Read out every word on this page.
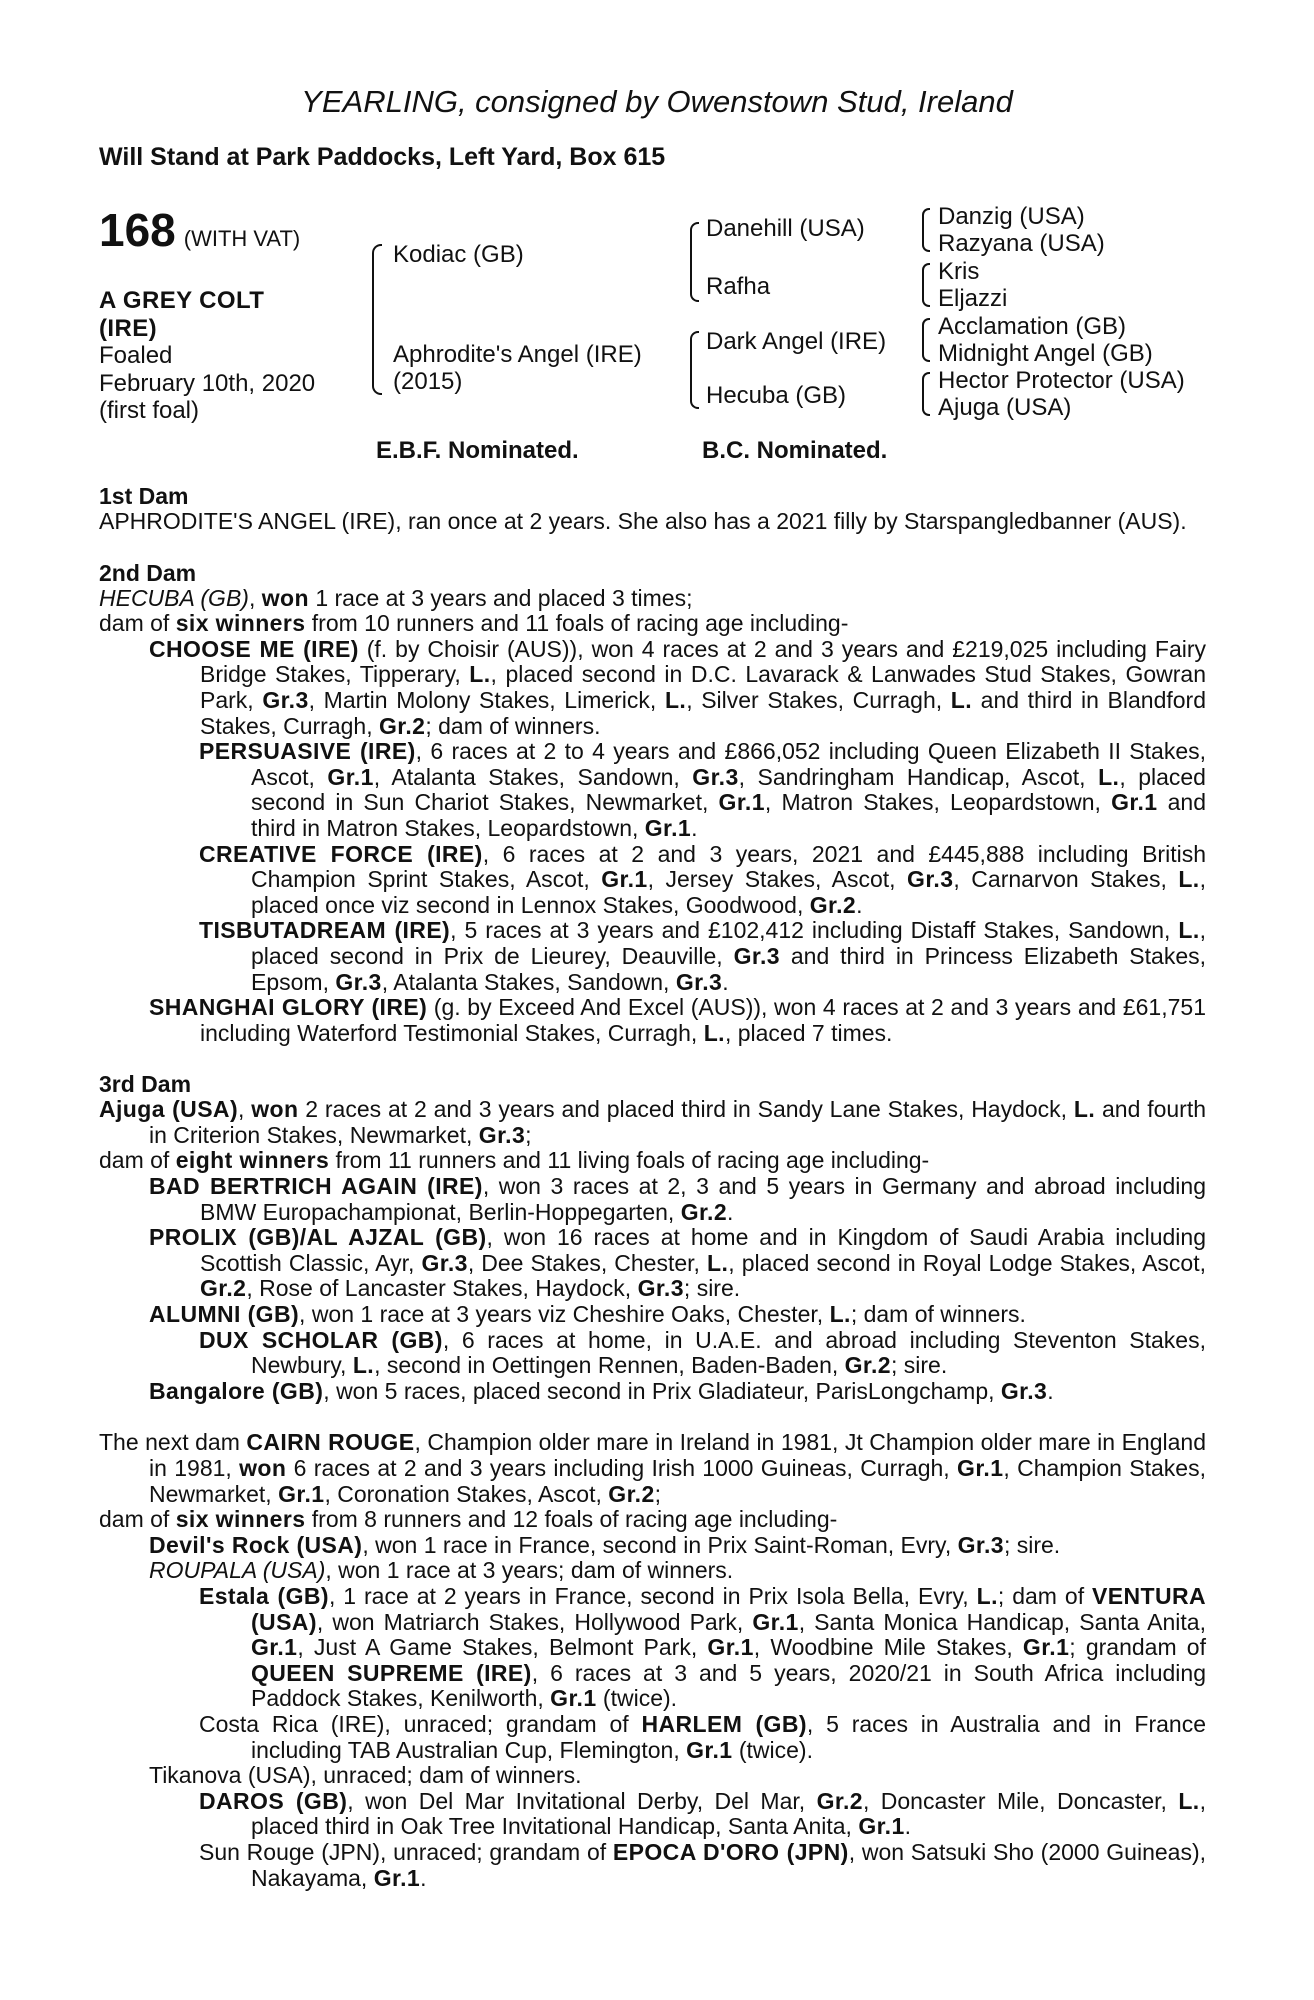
YEARLING, consigned by Owenstown Stud, Ireland
Will Stand at Park Paddocks, Left Yard, Box 615
168 (WITH VAT)
A GREY COLT
(IRE)
Foaled
February 10th, 2020
(first foal)
Kodiac (GB)
Aphrodite's Angel (IRE)
(2015)
Danehill (USA)
Rafha
Dark Angel (IRE)
Hecuba (GB)
Danzig (USA)
Razyana (USA)
Kris
Eljazzi
Acclamation (GB)
Midnight Angel (GB)
Hector Protector (USA)
Ajuga (USA)
E.B.F. Nominated.	B.C. Nominated.
1st Dam

APHRODITE'S ANGEL (IRE), ran once at 2 years. She also has a 2021 filly by Starspangledbanner (AUS).

2nd Dam

HECUBA (GB), won 1 race at 3 years and placed 3 times;

dam of six winners from 10 runners and 11 foals of racing age including-

CHOOSE ME (IRE) (f. by Choisir (AUS)), won 4 races at 2 and 3 years and £219,025 including Fairy Bridge Stakes, Tipperary, L., placed second in D.C. Lavarack & Lanwades Stud Stakes, Gowran Park, Gr.3, Martin Molony Stakes, Limerick, L., Silver Stakes, Curragh, L. and third in Blandford Stakes, Curragh, Gr.2; dam of winners.

PERSUASIVE (IRE), 6 races at 2 to 4 years and £866,052 including Queen Elizabeth II Stakes, Ascot, Gr.1, Atalanta Stakes, Sandown, Gr.3, Sandringham Handicap, Ascot, L., placed second in Sun Chariot Stakes, Newmarket, Gr.1, Matron Stakes, Leopardstown, Gr.1 and third in Matron Stakes, Leopardstown, Gr.1.

CREATIVE FORCE (IRE), 6 races at 2 and 3 years, 2021 and £445,888 including British Champion Sprint Stakes, Ascot, Gr.1, Jersey Stakes, Ascot, Gr.3, Carnarvon Stakes, L., placed once viz second in Lennox Stakes, Goodwood, Gr.2.

TISBUTADREAM (IRE), 5 races at 3 years and £102,412 including Distaff Stakes, Sandown, L., placed second in Prix de Lieurey, Deauville, Gr.3 and third in Princess Elizabeth Stakes, Epsom, Gr.3, Atalanta Stakes, Sandown, Gr.3.

SHANGHAI GLORY (IRE) (g. by Exceed And Excel (AUS)), won 4 races at 2 and 3 years and £61,751 including Waterford Testimonial Stakes, Curragh, L., placed 7 times.

3rd Dam

Ajuga (USA), won 2 races at 2 and 3 years and placed third in Sandy Lane Stakes, Haydock, L. and fourth in Criterion Stakes, Newmarket, Gr.3;

dam of eight winners from 11 runners and 11 living foals of racing age including-

BAD BERTRICH AGAIN (IRE), won 3 races at 2, 3 and 5 years in Germany and abroad including BMW Europachampionat, Berlin-Hoppegarten, Gr.2.

PROLIX (GB)/AL AJZAL (GB), won 16 races at home and in Kingdom of Saudi Arabia including Scottish Classic, Ayr, Gr.3, Dee Stakes, Chester, L., placed second in Royal Lodge Stakes, Ascot, Gr.2, Rose of Lancaster Stakes, Haydock, Gr.3; sire.

ALUMNI (GB), won 1 race at 3 years viz Cheshire Oaks, Chester, L.; dam of winners.

DUX SCHOLAR (GB), 6 races at home, in U.A.E. and abroad including Steventon Stakes, Newbury, L., second in Oettingen Rennen, Baden-Baden, Gr.2; sire.

Bangalore (GB), won 5 races, placed second in Prix Gladiateur, ParisLongchamp, Gr.3.

The next dam CAIRN ROUGE, Champion older mare in Ireland in 1981, Jt Champion older mare in England in 1981, won 6 races at 2 and 3 years including Irish 1000 Guineas, Curragh, Gr.1, Champion Stakes, Newmarket, Gr.1, Coronation Stakes, Ascot, Gr.2;

dam of six winners from 8 runners and 12 foals of racing age including-

Devil's Rock (USA), won 1 race in France, second in Prix Saint-Roman, Evry, Gr.3; sire.

ROUPALA (USA), won 1 race at 3 years; dam of winners.

Estala (GB), 1 race at 2 years in France, second in Prix Isola Bella, Evry, L.; dam of VENTURA (USA), won Matriarch Stakes, Hollywood Park, Gr.1, Santa Monica Handicap, Santa Anita, Gr.1, Just A Game Stakes, Belmont Park, Gr.1, Woodbine Mile Stakes, Gr.1; grandam of QUEEN SUPREME (IRE), 6 races at 3 and 5 years, 2020/21 in South Africa including Paddock Stakes, Kenilworth, Gr.1 (twice).

Costa Rica (IRE), unraced; grandam of HARLEM (GB), 5 races in Australia and in France including TAB Australian Cup, Flemington, Gr.1 (twice).

Tikanova (USA), unraced; dam of winners.

DAROS (GB), won Del Mar Invitational Derby, Del Mar, Gr.2, Doncaster Mile, Doncaster, L., placed third in Oak Tree Invitational Handicap, Santa Anita, Gr.1.

Sun Rouge (JPN), unraced; grandam of EPOCA D'ORO (JPN), won Satsuki Sho (2000 Guineas), Nakayama, Gr.1.
